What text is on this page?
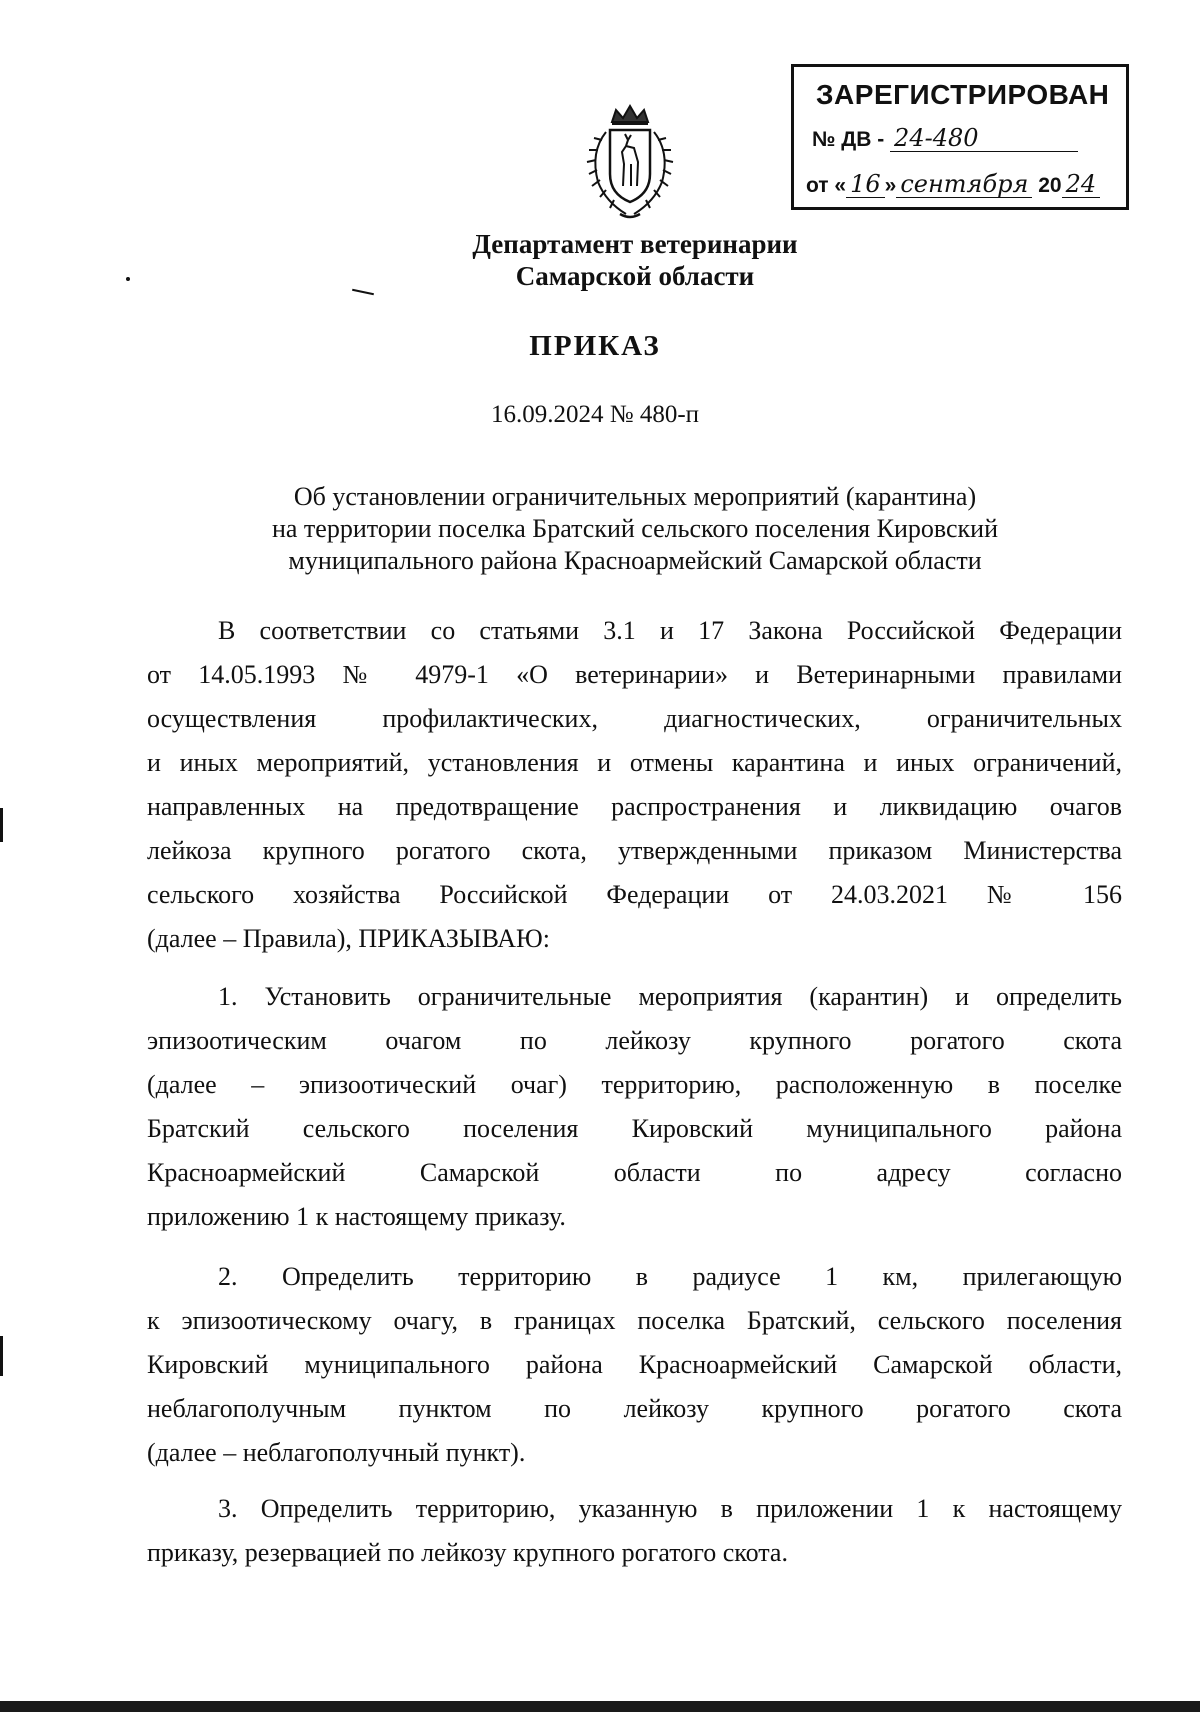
ЗАРЕГИСТРИРОВАН
№ ДВ - 24-480
от « 16 » сентября 20 24
Департамент ветеринарии
Самарской области
ПРИКАЗ
16.09.2024 № 480-п
Об установлении ограничительных мероприятий (карантина)
на территории поселка Братский сельского поселения Кировский
муниципального района Красноармейский Самарской области
В соответствии со статьями 3.1 и 17 Закона Российской Федерации
от 14.05.1993 № 4979-1 «О ветеринарии» и Ветеринарными правилами
осуществления профилактических, диагностических, ограничительных
и иных мероприятий, установления и отмены карантина и иных ограничений,
направленных на предотвращение распространения и ликвидацию очагов
лейкоза крупного рогатого скота, утвержденными приказом Министерства
сельского хозяйства Российской Федерации от 24.03.2021 № 156
(далее – Правила), ПРИКАЗЫВАЮ:
1. Установить ограничительные мероприятия (карантин) и определить
эпизоотическим очагом по лейкозу крупного рогатого скота
(далее – эпизоотический очаг) территорию, расположенную в поселке
Братский сельского поселения Кировский муниципального района
Красноармейский Самарской области по адресу согласно
приложению 1 к настоящему приказу.
2. Определить территорию в радиусе 1 км, прилегающую
к эпизоотическому очагу, в границах поселка Братский, сельского поселения
Кировский муниципального района Красноармейский Самарской области,
неблагополучным пунктом по лейкозу крупного рогатого скота
(далее – неблагополучный пункт).
3. Определить территорию, указанную в приложении 1 к настоящему
приказу, резервацией по лейкозу крупного рогатого скота.
